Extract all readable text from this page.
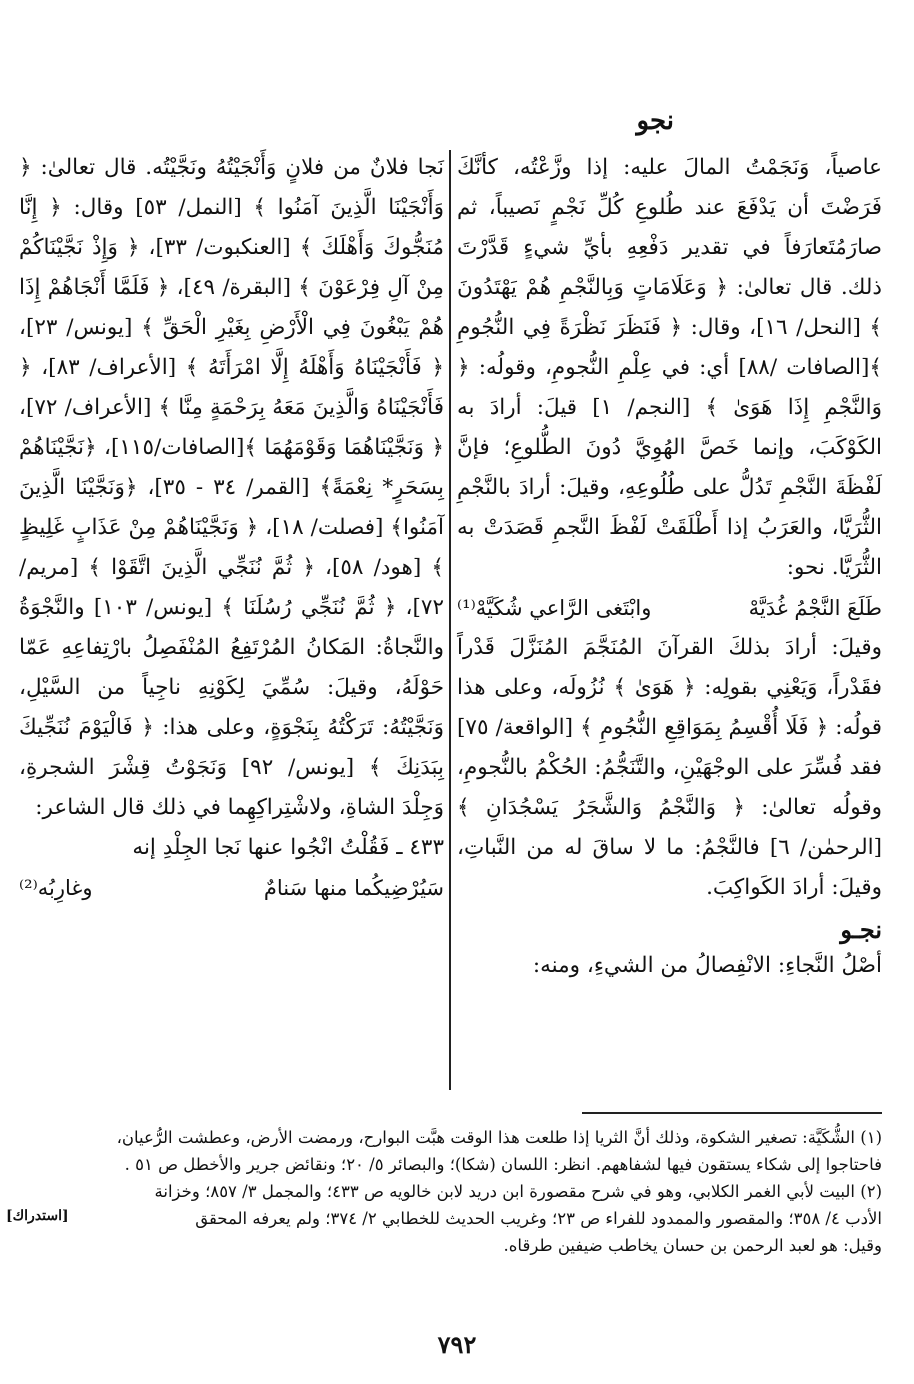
نجو

عاصياً، وَنَجَمْتُ المالَ عليه: إذا وزَّعْتُه، كأنَّكَ فَرَضْتَ أن يَدْفَعَ عند طُلوعِ كُلِّ نَجْمٍ نَصيباً، ثم صارَمُتَعارَفاً في تقدير دَفْعِهِ بأيِّ شيءٍ قَدَّرْتَ ذلك. قال تعالىٰ: ﴿ وَعَلَامَاتٍ وَبِالنَّجْمِ هُمْ يَهْتَدُونَ ﴾ [النحل/ ١٦]، وقال: ﴿ فَنَظَرَ نَظْرَةً فِي النُّجُومِ ﴾[الصافات /٨٨] أي: في عِلْمِ النُّجومِ، وقولُه: ﴿ وَالنَّجْمِ إِذَا هَوَىٰ ﴾ [النجم/ ١] قيلَ: أرادَ به الكَوْكَبَ، وإنما خَصَّ الهُوِيَّ دُونَ الطُّلوعِ؛ فإنَّ لَفْظَةَ النَّجْمِ تَدُلُّ على طُلُوعِهِ، وقيلَ: أرادَ بالنَّجْمِ الثُّرَيَّا، والعَرَبُ إذا أَطْلَقَتْ لَفْظَ النَّجمِ قَصَدَتْ به الثُّرَيَّا. نحو:

طَلَعَ النَّجْمُ غُدَيَّهْ
وابْتَغى الرَّاعي شُكَيَّهْ⁽¹⁾

وقيلَ: أرادَ بذلكَ القرآنَ المُنَجَّمَ المُنَزَّلَ قَدْراً فقَدْراً، وَيَعْنِي بقولِه: ﴿ هَوَىٰ ﴾ نُزُولَه، وعلى هذا قولُه: ﴿ فَلَا أُقْسِمُ بِمَوَاقِعِ النُّجُومِ ﴾ [الواقعة/ ٧٥] فقد فُسِّرَ على الوجْهَيْنِ، والتَّنَجُّمُ: الحُكْمُ بالنُّجومِ، وقولُه تعالىٰ: ﴿ وَالنَّجْمُ وَالشَّجَرُ يَسْجُدَانِ ﴾ [الرحمٰن/ ٦] فالنَّجْمُ: ما لا ساقَ له من النَّباتِ، وقيلَ: أرادَ الكَواكِبَ.

نجـو

أصْلُ النَّجاءِ: الانْفِصالُ من الشيءِ، ومنه:

نَجا فلانٌ من فلانٍ وَأَنْجَيْتُهُ ونَجَّيْتُه. قال تعالىٰ: ﴿ وَأَنْجَيْنَا الَّذِينَ آمَنُوا ﴾ [النمل/ ٥٣] وقال: ﴿ إِنَّا مُنَجُّوكَ وَأَهْلَكَ ﴾ [العنكبوت/ ٣٣]، ﴿ وَإِذْ نَجَّيْنَاكُمْ مِنْ آلِ فِرْعَوْنَ ﴾ [البقرة/ ٤٩]، ﴿ فَلَمَّا أَنْجَاهُمْ إِذَا هُمْ يَبْغُونَ فِي الْأَرْضِ بِغَيْرِ الْحَقِّ ﴾ [يونس/ ٢٣]، ﴿ فَأَنْجَيْنَاهُ وَأَهْلَهُ إِلَّا امْرَأَتَهُ ﴾ [الأعراف/ ٨٣]، ﴿ فَأَنْجَيْنَاهُ وَالَّذِينَ مَعَهُ بِرَحْمَةٍ مِنَّا ﴾ [الأعراف/ ٧٢]، ﴿ وَنَجَّيْنَاهُمَا وَقَوْمَهُمَا ﴾[الصافات/١١٥]، ﴿نَجَّيْنَاهُمْ بِسَحَرٍ* نِعْمَةً﴾ [القمر/ ٣٤ - ٣٥]، ﴿وَنَجَّيْنَا الَّذِينَ آمَنُوا﴾ [فصلت/ ١٨]، ﴿ وَنَجَّيْنَاهُمْ مِنْ عَذَابٍ غَلِيظٍ ﴾ [هود/ ٥٨]، ﴿ ثُمَّ نُنَجِّي الَّذِينَ اتَّقَوْا ﴾ [مريم/ ٧٢]، ﴿ ثُمَّ نُنَجِّي رُسُلَنَا ﴾ [يونس/ ١٠٣] والنَّجْوَةُ والنَّجاةُ: المَكانُ المُرْتَفِعُ المُنْفَصِلُ بارْتِفاعِهِ عَمّا حَوْلَهُ، وقيلَ: سُمِّيَ لِكَوْنِهِ ناجِياً من السَّيْلِ، وَنَجَّيْتُهُ: تَرَكْتُهُ بِنَجْوَةٍ، وعلى هذا: ﴿ فَالْيَوْمَ نُنَجِّيكَ بِبَدَنِكَ ﴾ [يونس/ ٩٢] وَنَجَوْتُ قِشْرَ الشجرةِ، وَجِلْدَ الشاةِ، ولاشْتِراكِهِما في ذلك قال الشاعر:

٤٣٣ ـ فَقُلْتُ انْجُوا عنها نَجا الجِلْدِ إنه

سَيُرْضِيكُما منها سَنامٌ
وغارِبُه⁽²⁾

(١) الشُّكَيَّة: تصغير الشكوة، وذلك أنَّ الثريا إذا طلعت هذا الوقت هبَّت البوارح، ورمضت الأرض، وعطشت الرُّعيان،

فاحتاجوا إلى شكاء يستقون فيها لشفاههم. انظر: اللسان (شكا)؛ والبصائر ٥/ ٢٠؛ ونقائض جرير والأخطل ص ٥١ .

(٢) البيت لأبي الغمر الكلابي، وهو في شرح مقصورة ابن دريد لابن خالويه ص ٤٣٣؛ والمجمل ٣/ ٨٥٧؛ وخزانة

الأدب ٤/ ٣٥٨؛ والمقصور والممدود للفراء ص ٢٣؛ وغريب الحديث للخطابي ٢/ ٣٧٤؛ ولم يعرفه المحقق

وقيل: هو لعبد الرحمن بن حسان يخاطب ضيفين طرقاه.

[استدراك]
٧٩٢
